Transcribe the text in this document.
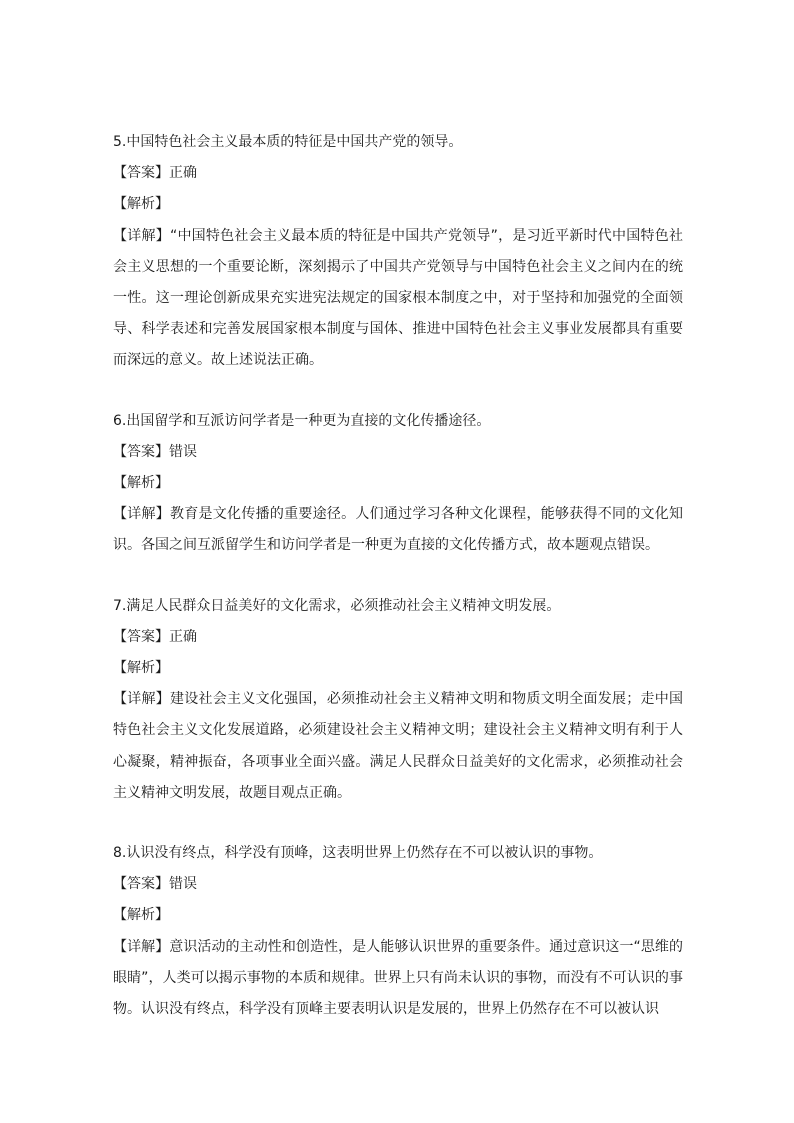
5.中国特色社会主义最本质的特征是中国共产党的领导。

【答案】正确

【解析】

【详解】“中国特色社会主义最本质的特征是中国共产党领导”，是习近平新时代中国特色社会主义思想的一个重要论断，深刻揭示了中国共产党领导与中国特色社会主义之间内在的统一性。这一理论创新成果充实进宪法规定的国家根本制度之中，对于坚持和加强党的全面领导、科学表述和完善发展国家根本制度与国体、推进中国特色社会主义事业发展都具有重要而深远的意义。故上述说法正确。

6.出国留学和互派访问学者是一种更为直接的文化传播途径。

【答案】错误

【解析】

【详解】教育是文化传播的重要途径。人们通过学习各种文化课程，能够获得不同的文化知识。各国之间互派留学生和访问学者是一种更为直接的文化传播方式，故本题观点错误。

7.满足人民群众日益美好的文化需求，必须推动社会主义精神文明发展。

【答案】正确

【解析】

【详解】建设社会主义文化强国，必须推动社会主义精神文明和物质文明全面发展；走中国特色社会主义文化发展道路，必须建设社会主义精神文明；建设社会主义精神文明有利于人心凝聚，精神振奋，各项事业全面兴盛。满足人民群众日益美好的文化需求，必须推动社会主义精神文明发展，故题目观点正确。

8.认识没有终点，科学没有顶峰，这表明世界上仍然存在不可以被认识的事物。

【答案】错误

【解析】

【详解】意识活动的主动性和创造性，是人能够认识世界的重要条件。通过意识这一“思维的眼睛”，人类可以揭示事物的本质和规律。世界上只有尚未认识的事物，而没有不可认识的事物。认识没有终点，科学没有顶峰主要表明认识是发展的，世界上仍然存在不可以被认识
